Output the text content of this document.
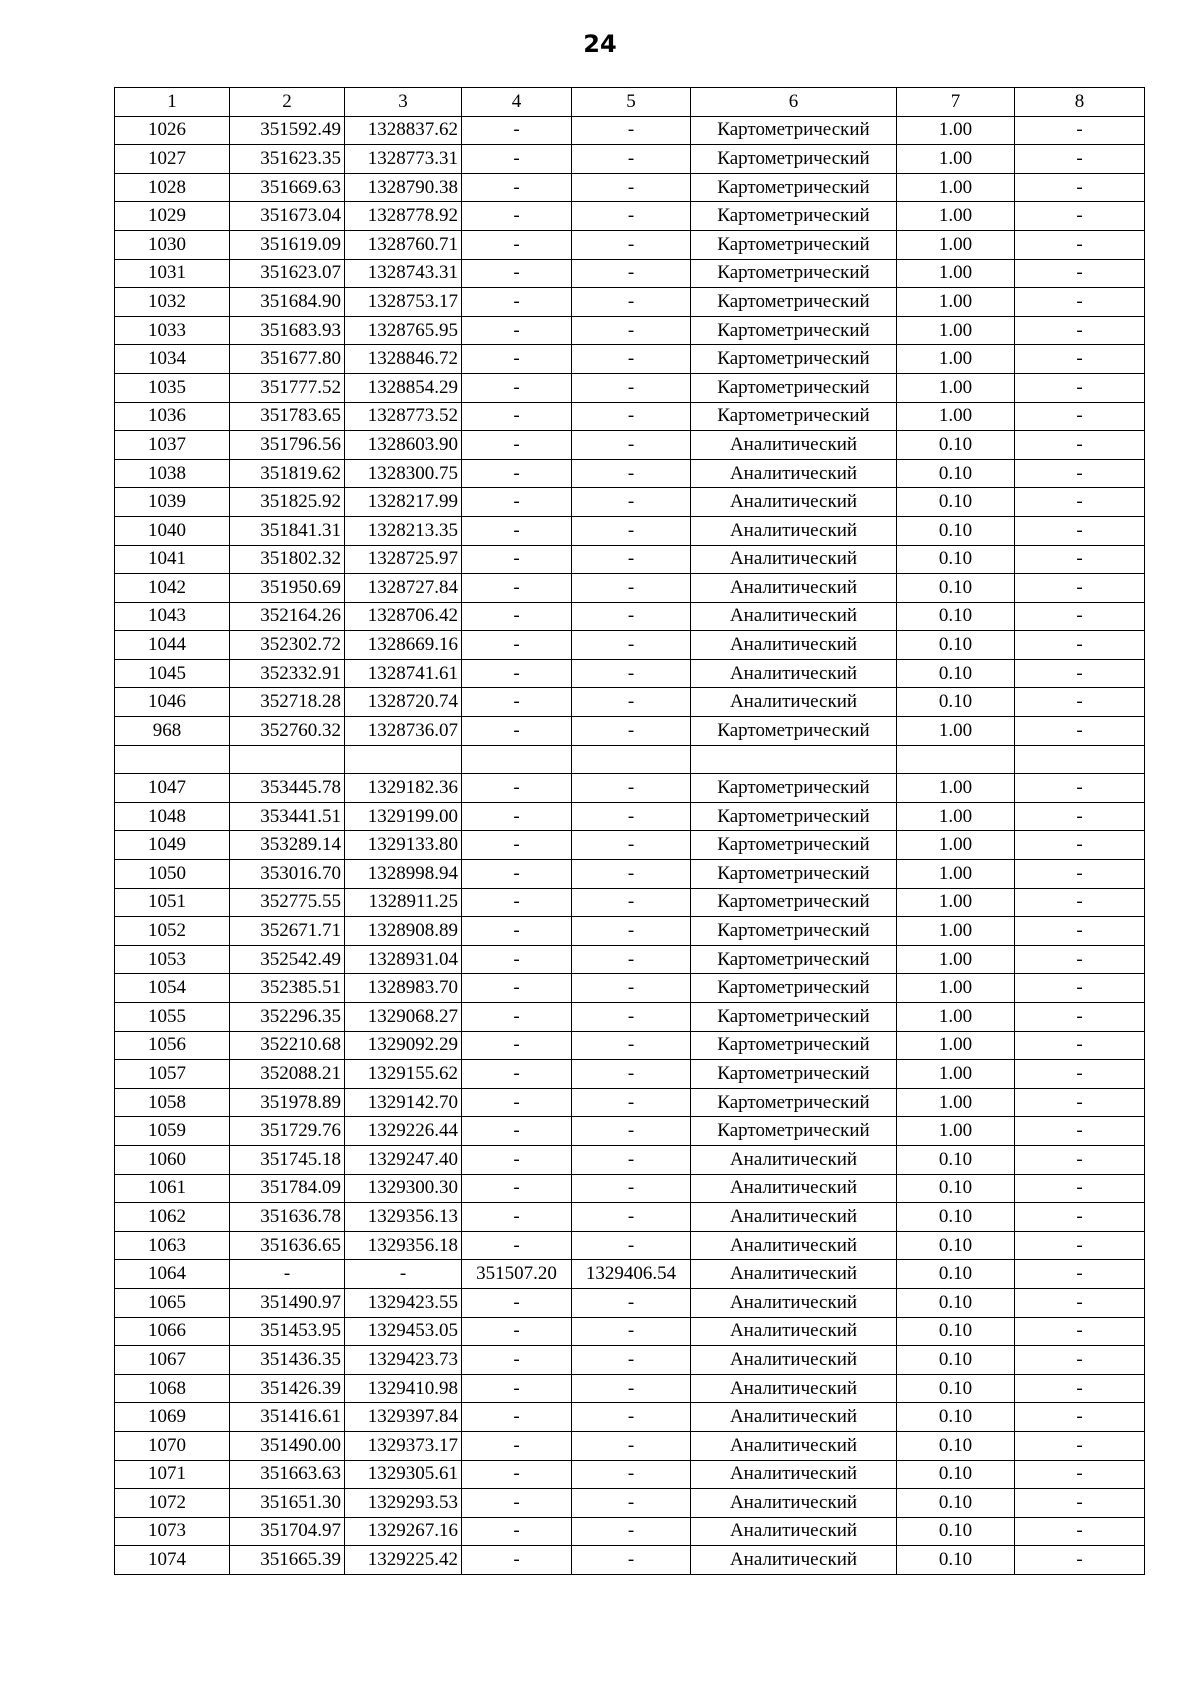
24
1	2	3	4	5	6	7	8
1026	351592.49	1328837.62	-	-	Картометрический	1.00	-
1027	351623.35	1328773.31	-	-	Картометрический	1.00	-
1028	351669.63	1328790.38	-	-	Картометрический	1.00	-
1029	351673.04	1328778.92	-	-	Картометрический	1.00	-
1030	351619.09	1328760.71	-	-	Картометрический	1.00	-
1031	351623.07	1328743.31	-	-	Картометрический	1.00	-
1032	351684.90	1328753.17	-	-	Картометрический	1.00	-
1033	351683.93	1328765.95	-	-	Картометрический	1.00	-
1034	351677.80	1328846.72	-	-	Картометрический	1.00	-
1035	351777.52	1328854.29	-	-	Картометрический	1.00	-
1036	351783.65	1328773.52	-	-	Картометрический	1.00	-
1037	351796.56	1328603.90	-	-	Аналитический	0.10	-
1038	351819.62	1328300.75	-	-	Аналитический	0.10	-
1039	351825.92	1328217.99	-	-	Аналитический	0.10	-
1040	351841.31	1328213.35	-	-	Аналитический	0.10	-
1041	351802.32	1328725.97	-	-	Аналитический	0.10	-
1042	351950.69	1328727.84	-	-	Аналитический	0.10	-
1043	352164.26	1328706.42	-	-	Аналитический	0.10	-
1044	352302.72	1328669.16	-	-	Аналитический	0.10	-
1045	352332.91	1328741.61	-	-	Аналитический	0.10	-
1046	352718.28	1328720.74	-	-	Аналитический	0.10	-
968	352760.32	1328736.07	-	-	Картометрический	1.00	-

1047	353445.78	1329182.36	-	-	Картометрический	1.00	-
1048	353441.51	1329199.00	-	-	Картометрический	1.00	-
1049	353289.14	1329133.80	-	-	Картометрический	1.00	-
1050	353016.70	1328998.94	-	-	Картометрический	1.00	-
1051	352775.55	1328911.25	-	-	Картометрический	1.00	-
1052	352671.71	1328908.89	-	-	Картометрический	1.00	-
1053	352542.49	1328931.04	-	-	Картометрический	1.00	-
1054	352385.51	1328983.70	-	-	Картометрический	1.00	-
1055	352296.35	1329068.27	-	-	Картометрический	1.00	-
1056	352210.68	1329092.29	-	-	Картометрический	1.00	-
1057	352088.21	1329155.62	-	-	Картометрический	1.00	-
1058	351978.89	1329142.70	-	-	Картометрический	1.00	-
1059	351729.76	1329226.44	-	-	Картометрический	1.00	-
1060	351745.18	1329247.40	-	-	Аналитический	0.10	-
1061	351784.09	1329300.30	-	-	Аналитический	0.10	-
1062	351636.78	1329356.13	-	-	Аналитический	0.10	-
1063	351636.65	1329356.18	-	-	Аналитический	0.10	-
1064	-	-	351507.20	1329406.54	Аналитический	0.10	-
1065	351490.97	1329423.55	-	-	Аналитический	0.10	-
1066	351453.95	1329453.05	-	-	Аналитический	0.10	-
1067	351436.35	1329423.73	-	-	Аналитический	0.10	-
1068	351426.39	1329410.98	-	-	Аналитический	0.10	-
1069	351416.61	1329397.84	-	-	Аналитический	0.10	-
1070	351490.00	1329373.17	-	-	Аналитический	0.10	-
1071	351663.63	1329305.61	-	-	Аналитический	0.10	-
1072	351651.30	1329293.53	-	-	Аналитический	0.10	-
1073	351704.97	1329267.16	-	-	Аналитический	0.10	-
1074	351665.39	1329225.42	-	-	Аналитический	0.10	-
